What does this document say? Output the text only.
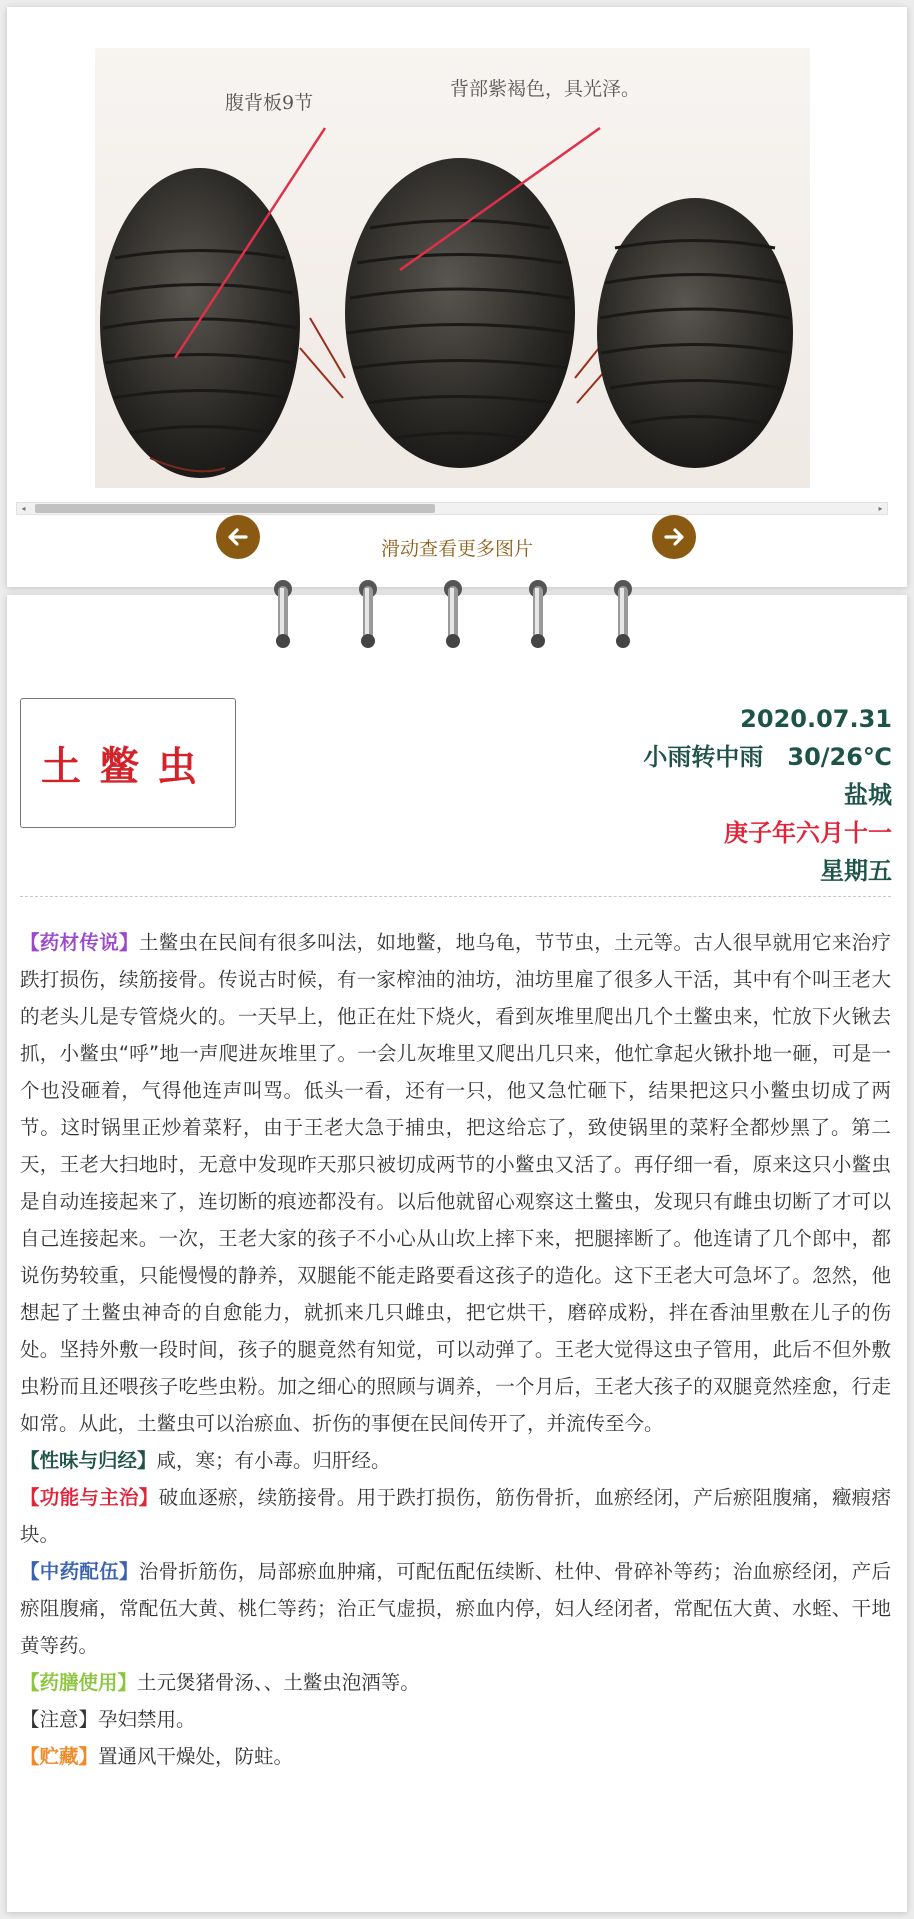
腹背板9节
背部紫褐色，具光泽。
◂	▸
滑动查看更多图片
土鳖虫
2020.07.31
小雨转中雨　30/26℃
盐城
庚子年六月十一
星期五

【药材传说】土鳖虫在民间有很多叫法，如地鳖，地乌龟，节节虫，土元等。古人很早就用它来治疗跌打损伤，续筋接骨。传说古时候，有一家榨油的油坊，油坊里雇了很多人干活，其中有个叫王老大的老头儿是专管烧火的。一天早上，他正在灶下烧火，看到灰堆里爬出几个土鳖虫来，忙放下火锹去抓，小鳖虫“呼”地一声爬进灰堆里了。一会儿灰堆里又爬出几只来，他忙拿起火锹扑地一砸，可是一个也没砸着，气得他连声叫骂。低头一看，还有一只，他又急忙砸下，结果把这只小鳖虫切成了两节。这时锅里正炒着菜籽，由于王老大急于捕虫，把这给忘了，致使锅里的菜籽全都炒黑了。第二天，王老大扫地时，无意中发现昨天那只被切成两节的小鳖虫又活了。再仔细一看，原来这只小鳖虫是自动连接起来了，连切断的痕迹都没有。以后他就留心观察这土鳖虫，发现只有雌虫切断了才可以自己连接起来。一次，王老大家的孩子不小心从山坎上摔下来，把腿摔断了。他连请了几个郎中，都说伤势较重，只能慢慢的静养，双腿能不能走路要看这孩子的造化。这下王老大可急坏了。忽然，他想起了土鳖虫神奇的自愈能力，就抓来几只雌虫，把它烘干，磨碎成粉，拌在香油里敷在儿子的伤处。坚持外敷一段时间，孩子的腿竟然有知觉，可以动弹了。王老大觉得这虫子管用，此后不但外敷虫粉而且还喂孩子吃些虫粉。加之细心的照顾与调养，一个月后，王老大孩子的双腿竟然痊愈，行走如常。从此，土鳖虫可以治瘀血、折伤的事便在民间传开了，并流传至今。

【性味与归经】咸，寒；有小毒。归肝经。

【功能与主治】破血逐瘀，续筋接骨。用于跌打损伤，筋伤骨折，血瘀经闭，产后瘀阻腹痛，癥瘕痞块。

【中药配伍】治骨折筋伤，局部瘀血肿痛，可配伍配伍续断、杜仲、骨碎补等药；治血瘀经闭，产后瘀阻腹痛，常配伍大黄、桃仁等药；治正气虚损，瘀血内停，妇人经闭者，常配伍大黄、水蛭、干地黄等药。

【药膳使用】土元煲猪骨汤、、土鳖虫泡酒等。

【注意】孕妇禁用。

【贮藏】置通风干燥处，防蛀。
